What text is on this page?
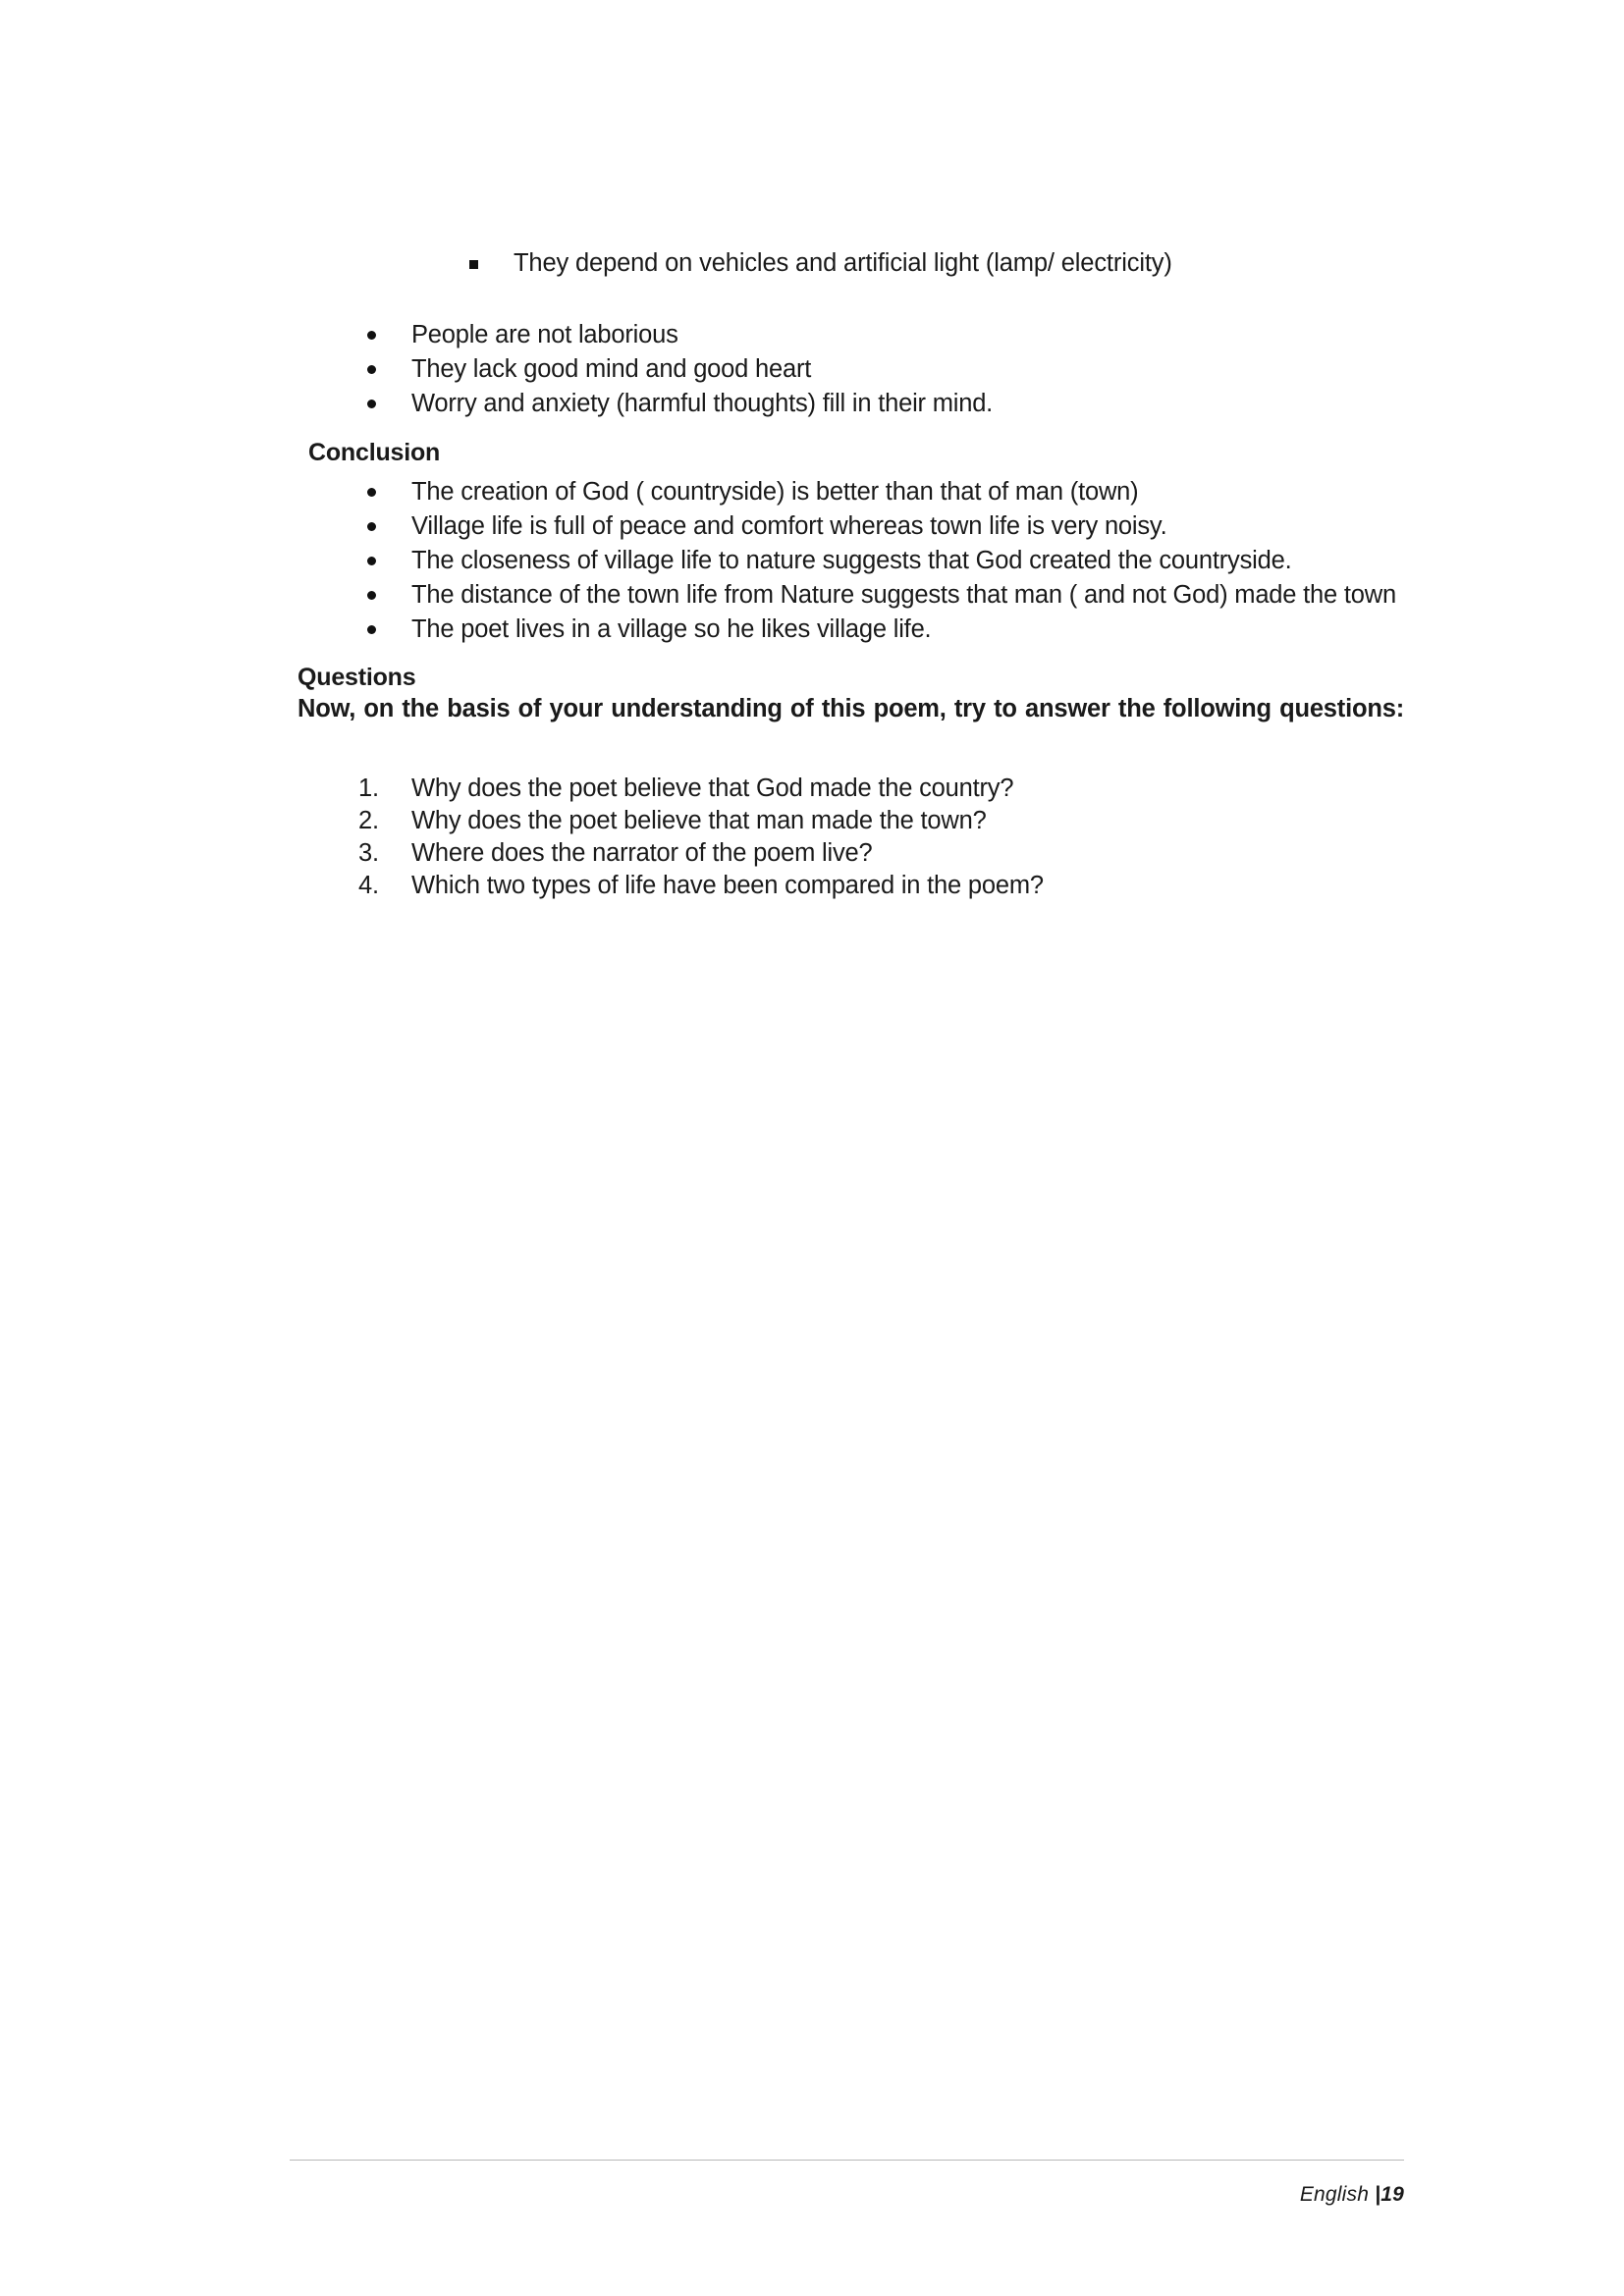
They depend on vehicles and artificial light (lamp/ electricity)
People are not laborious
They lack good mind and good heart
Worry and anxiety (harmful thoughts) fill in their mind.
Conclusion
The creation of God ( countryside) is better than that of man (town)
Village life is full of peace and comfort whereas town life is very noisy.
The closeness of village life to nature suggests that God created the countryside.
The distance of the town life from Nature suggests that man ( and not God) made the town
The poet lives in a village so he likes village life.
Questions

Now, on the basis of your understanding of this poem, try to answer the following questions:

1.	Why does the poet believe that God made the country?
2.	Why does the poet believe that man made the town?
3.	Where does the narrator of the poem live?
4.	Which two types of life have been compared in the poem?
English |19
